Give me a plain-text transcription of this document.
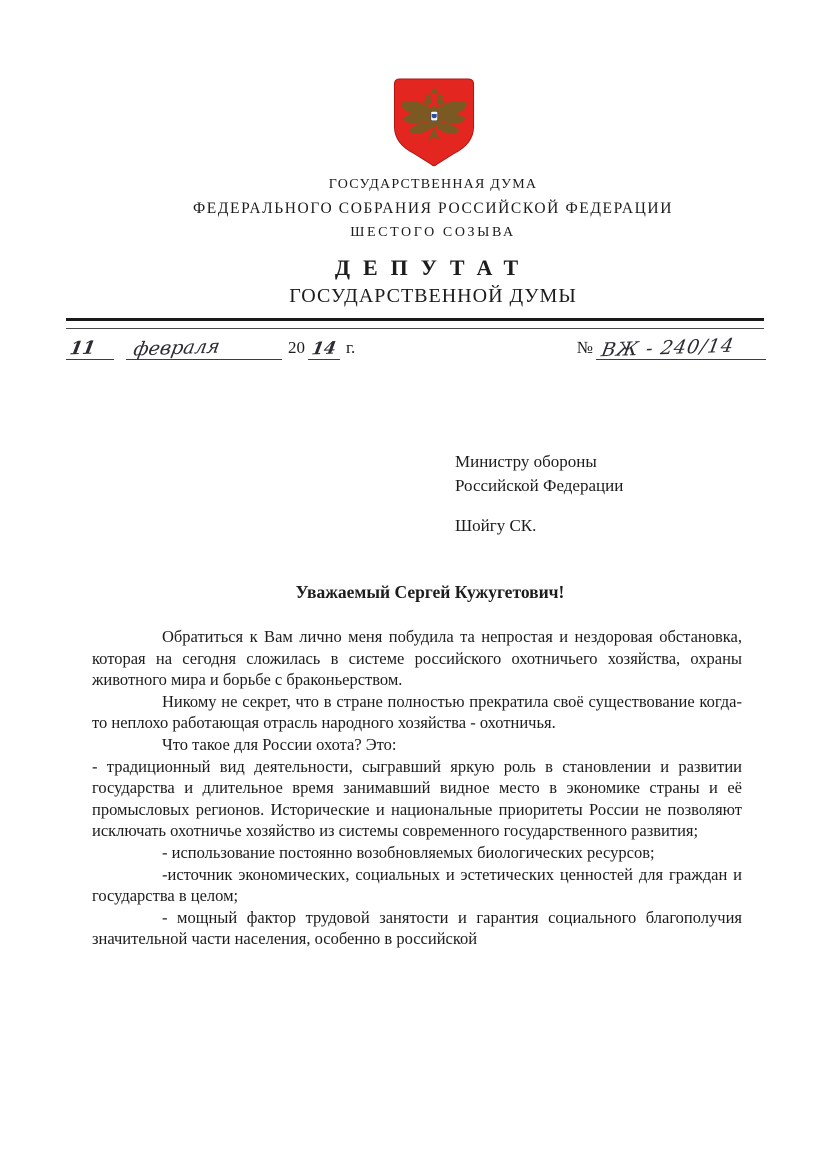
ГОСУДАРСТВЕННАЯ ДУМА
ФЕДЕРАЛЬНОГО СОБРАНИЯ РОССИЙСКОЙ ФЕДЕРАЦИИ
ШЕСТОГО СОЗЫВА
ДЕПУТАТ
ГОСУДАРСТВЕННОЙ ДУМЫ
11 февраля	20 14 г.	№ ВЖ - 240/14
Министру обороны
Российской Федерации
Шойгу СК.
Уважаемый Сергей Кужугетович!

Обратиться к Вам лично меня побудила та непростая и нездоровая обстановка, которая на сегодня сложилась в системе российского охотничьего хозяйства, охраны животного мира и борьбе с браконьерством.

Никому не секрет, что в стране полностью прекратила своё существование когда-то неплохо работающая отрасль народного хозяйства - охотничья.

Что такое для России охота? Это:

- традиционный вид деятельности, сыгравший яркую роль в становлении и развитии государства и длительное время занимавший видное место в экономике страны и её промысловых регионов. Исторические и национальные приоритеты России не позволяют исключать охотничье хозяйство из системы современного государственного развития;

- использование постоянно возобновляемых биологических ресурсов;

-источник экономических, социальных и эстетических ценностей для граждан и государства в целом;

- мощный фактор трудовой занятости и гарантия социального благополучия значительной части населения, особенно в российской
